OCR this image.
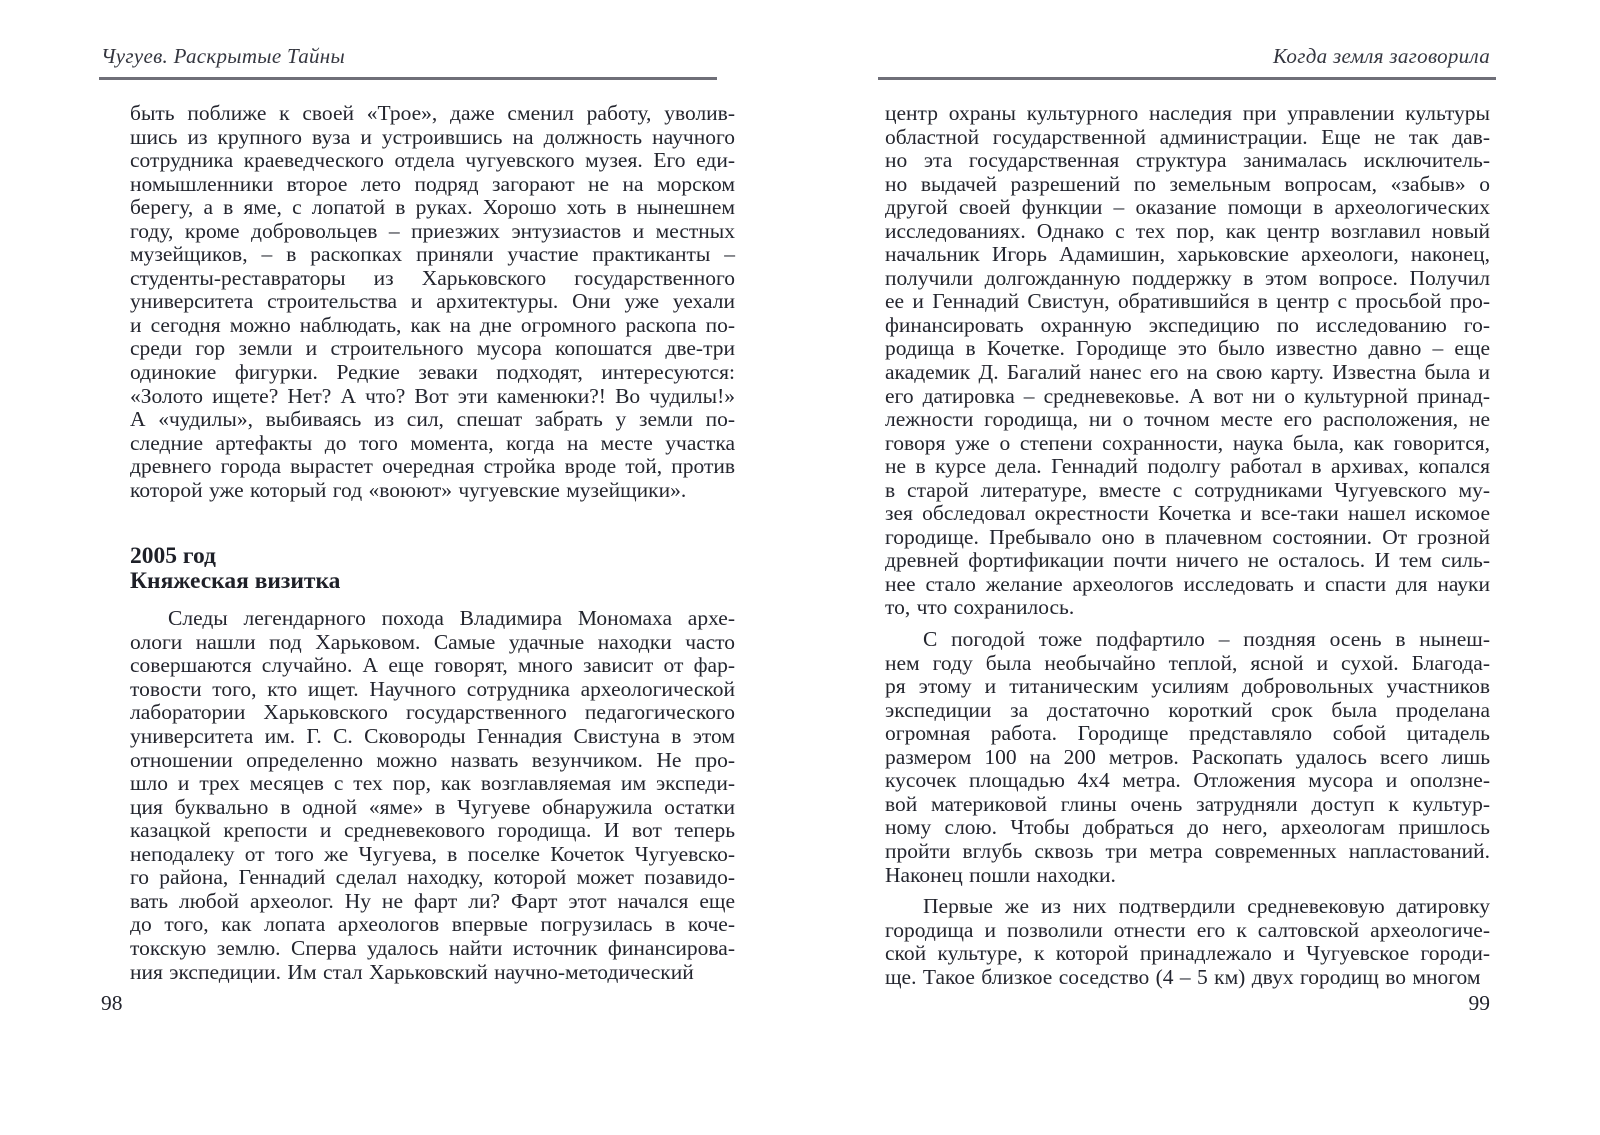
Чугуев. Раскрытые Тайны
быть поближе к своей «Трое», даже сменил работу, уволив-
шись из крупного вуза и устроившись на должность научного
сотрудника краеведческого отдела чугуевского музея. Его еди-
номышленники второе лето подряд загорают не на морском
берегу, а в яме, с лопатой в руках. Хорошо хоть в нынешнем
году, кроме добровольцев – приезжих энтузиастов и местных
музейщиков, – в раскопках приняли участие практиканты –
студенты-реставраторы из Харьковского государственного
университета строительства и архитектуры. Они уже уехали
и сегодня можно наблюдать, как на дне огромного раскопа по-
среди гор земли и строительного мусора копошатся две-три
одинокие фигурки. Редкие зеваки подходят, интересуются:
«Золото ищете? Нет? А что? Вот эти каменюки?! Во чудилы!»
А «чудилы», выбиваясь из сил, спешат забрать у земли по-
следние артефакты до того момента, когда на месте участка
древнего города вырастет очередная стройка вроде той, против
которой уже который год «воюют» чугуевские музейщики».
2005 год
Княжеская визитка
Следы легендарного похода Владимира Мономаха архе-
ологи нашли под Харьковом. Самые удачные находки часто
совершаются случайно. А еще говорят, много зависит от фар-
товости того, кто ищет. Научного сотрудника археологической
лаборатории Харьковского государственного педагогического
университета им. Г. С. Сковороды Геннадия Свистуна в этом
отношении определенно можно назвать везунчиком. Не про-
шло и трех месяцев с тех пор, как возглавляемая им экспеди-
ция буквально в одной «яме» в Чугуеве обнаружила остатки
казацкой крепости и средневекового городища. И вот теперь
неподалеку от того же Чугуева, в поселке Кочеток Чугуевско-
го района, Геннадий сделал находку, которой может позавидо-
вать любой археолог. Ну не фарт ли? Фарт этот начался еще
до того, как лопата археологов впервые погрузилась в коче-
токскую землю. Сперва удалось найти источник финансирова-
ния экспедиции. Им стал Харьковский научно-методический
98
Когда земля заговорила
центр охраны культурного наследия при управлении культуры
областной государственной администрации. Еще не так дав-
но эта государственная структура занималась исключитель-
но выдачей разрешений по земельным вопросам, «забыв» о
другой своей функции – оказание помощи в археологических
исследованиях. Однако с тех пор, как центр возглавил новый
начальник Игорь Адамишин, харьковские археологи, наконец,
получили долгожданную поддержку в этом вопросе. Получил
ее и Геннадий Свистун, обратившийся в центр с просьбой про-
финансировать охранную экспедицию по исследованию го-
родища в Кочетке. Городище это было известно давно – еще
академик Д. Багалий нанес его на свою карту. Известна была и
его датировка – средневековье. А вот ни о культурной принад-
лежности городища, ни о точном месте его расположения, не
говоря уже о степени сохранности, наука была, как говорится,
не в курсе дела. Геннадий подолгу работал в архивах, копался
в старой литературе, вместе с сотрудниками Чугуевского му-
зея обследовал окрестности Кочетка и все-таки нашел искомое
городище. Пребывало оно в плачевном состоянии. От грозной
древней фортификации почти ничего не осталось. И тем силь-
нее стало желание археологов исследовать и спасти для науки
то, что сохранилось.
С погодой тоже подфартило – поздняя осень в нынеш-
нем году была необычайно теплой, ясной и сухой. Благода-
ря этому и титаническим усилиям добровольных участников
экспедиции за достаточно короткий срок была проделана
огромная работа. Городище представляло собой цитадель
размером 100 на 200 метров. Раскопать удалось всего лишь
кусочек площадью 4х4 метра. Отложения мусора и оползне-
вой материковой глины очень затрудняли доступ к культур-
ному слою. Чтобы добраться до него, археологам пришлось
пройти вглубь сквозь три метра современных напластований.
Наконец пошли находки.
Первые же из них подтвердили средневековую датировку
городища и позволили отнести его к салтовской археологиче-
ской культуре, к которой принадлежало и Чугуевское городи-
ще. Такое близкое соседство (4 – 5 км) двух городищ во многом
99
